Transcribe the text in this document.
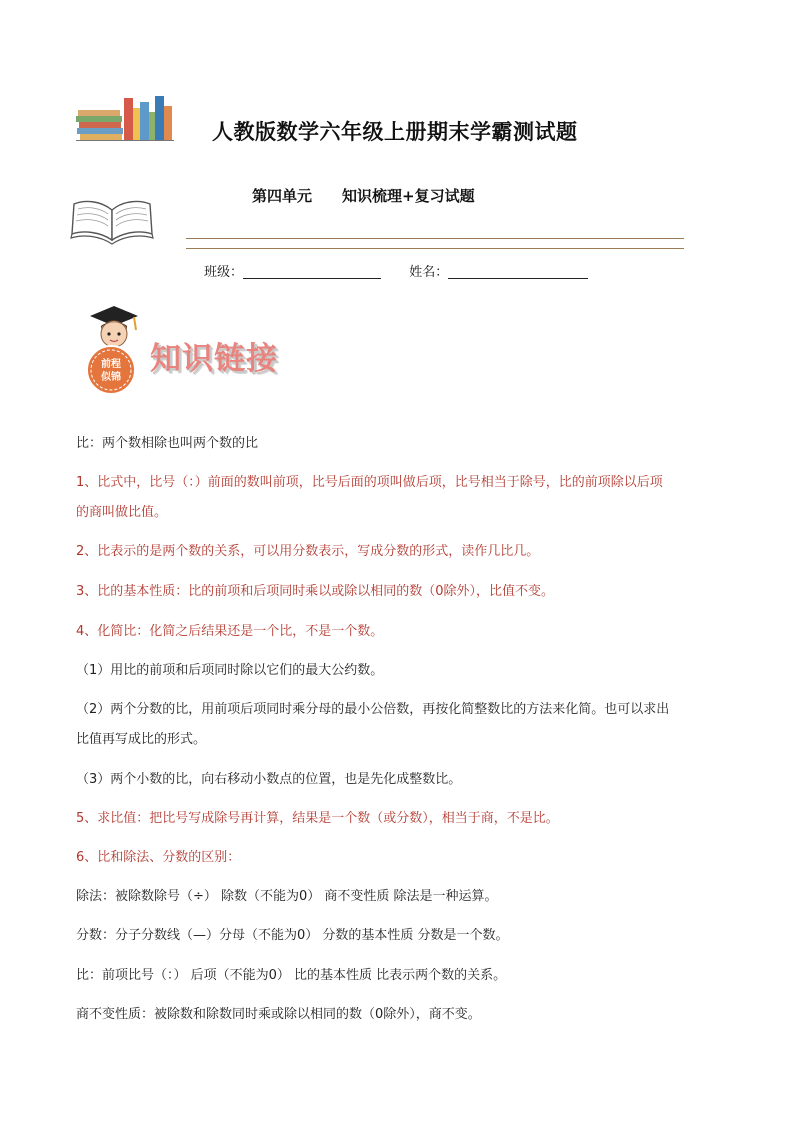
人教版数学六年级上册期末学霸测试题
第四单元 知识梳理+复习试题
班级：	姓名：
前程
似锦
知识链接
比：两个数相除也叫两个数的比
1、比式中，比号（：）前面的数叫前项，比号后面的项叫做后项，比号相当于除号，比的前项除以后项
的商叫做比值。
2、比表示的是两个数的关系，可以用分数表示，写成分数的形式，读作几比几。
3、比的基本性质：比的前项和后项同时乘以或除以相同的数（0除外），比值不变。
4、化简比：化简之后结果还是一个比，不是一个数。
（1）用比的前项和后项同时除以它们的最大公约数。
（2）两个分数的比，用前项后项同时乘分母的最小公倍数，再按化简整数比的方法来化简。也可以求出
比值再写成比的形式。
（3）两个小数的比，向右移动小数点的位置，也是先化成整数比。
5、求比值：把比号写成除号再计算，结果是一个数（或分数），相当于商，不是比。
6、比和除法、分数的区别：
除法：被除数除号（÷） 除数（不能为0） 商不变性质 除法是一种运算。
分数：分子分数线（—）分母（不能为0） 分数的基本性质 分数是一个数。
比：前项比号（：） 后项（不能为0） 比的基本性质 比表示两个数的关系。
商不变性质：被除数和除数同时乘或除以相同的数（0除外），商不变。
